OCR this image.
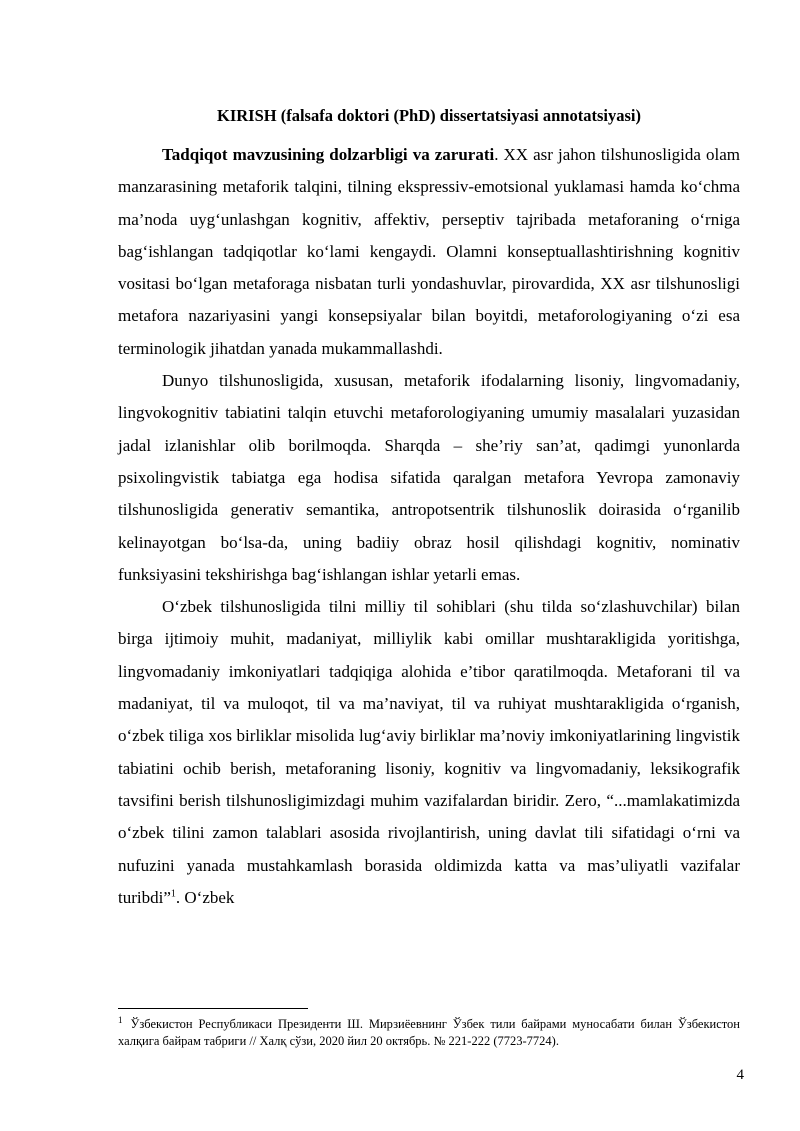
KIRISH (falsafa doktori (PhD) dissertatsiyasi annotatsiyasi)

Tadqiqot mavzusining dolzarbligi va zarurati. XX asr jahon tilshunosligida olam manzarasining metaforik talqini, tilning ekspressiv-emotsional yuklamasi hamda ko‘chma ma’noda uyg‘unlashgan kognitiv, affektiv, perseptiv tajribada metaforaning o‘rniga bag‘ishlangan tadqiqotlar ko‘lami kengaydi. Olamni konseptuallashtirishning kognitiv vositasi bo‘lgan metaforaga nisbatan turli yondashuvlar, pirovardida, XX asr tilshunosligi metafora nazariyasini yangi konsepsiyalar bilan boyitdi, metaforologiyaning o‘zi esa terminologik jihatdan yanada mukammallashdi.

Dunyo tilshunosligida, xususan, metaforik ifodalarning lisoniy, lingvomadaniy, lingvokognitiv tabiatini talqin etuvchi metaforologiyaning umumiy masalalari yuzasidan jadal izlanishlar olib borilmoqda. Sharqda – she’riy san’at, qadimgi yunonlarda psixolingvistik tabiatga ega hodisa sifatida qaralgan metafora Yevropa zamonaviy tilshunosligida generativ semantika, antropotsentrik tilshunoslik doirasida o‘rganilib kelinayotgan bo‘lsa-da, uning badiiy obraz hosil qilishdagi kognitiv, nominativ funksiyasini tekshirishga bag‘ishlangan ishlar yetarli emas.

O‘zbek tilshunosligida tilni milliy til sohiblari (shu tilda so‘zlashuvchilar) bilan birga ijtimoiy muhit, madaniyat, milliylik kabi omillar mushtarakligida yoritishga, lingvomadaniy imkoniyatlari tadqiqiga alohida e’tibor qaratilmoqda. Metaforani til va madaniyat, til va muloqot, til va ma’naviyat, til va ruhiyat mushtarakligida o‘rganish, o‘zbek tiliga xos birliklar misolida lug‘aviy birliklar ma’noviy imkoniyatlarining lingvistik tabiatini ochib berish, metaforaning lisoniy, kognitiv va lingvomadaniy, leksikografik tavsifini berish tilshunosligimizdagi muhim vazifalardan biridir. Zero, “...mamlakatimizda o‘zbek tilini zamon talablari asosida rivojlantirish, uning davlat tili sifatidagi o‘rni va nufuzini yanada mustahkamlash borasida oldimizda katta va mas’uliyatli vazifalar turibdi”$^1$. O‘zbek

$^1$ Ўзбекистон Республикаси Президенти Ш. Мирзиёевнинг Ўзбек тили байрами муносабати билан Ўзбекистон халқига байрам табриги // Халқ сўзи, 2020 йил 20 октябрь. № 221-222 (7723-7724).
4
